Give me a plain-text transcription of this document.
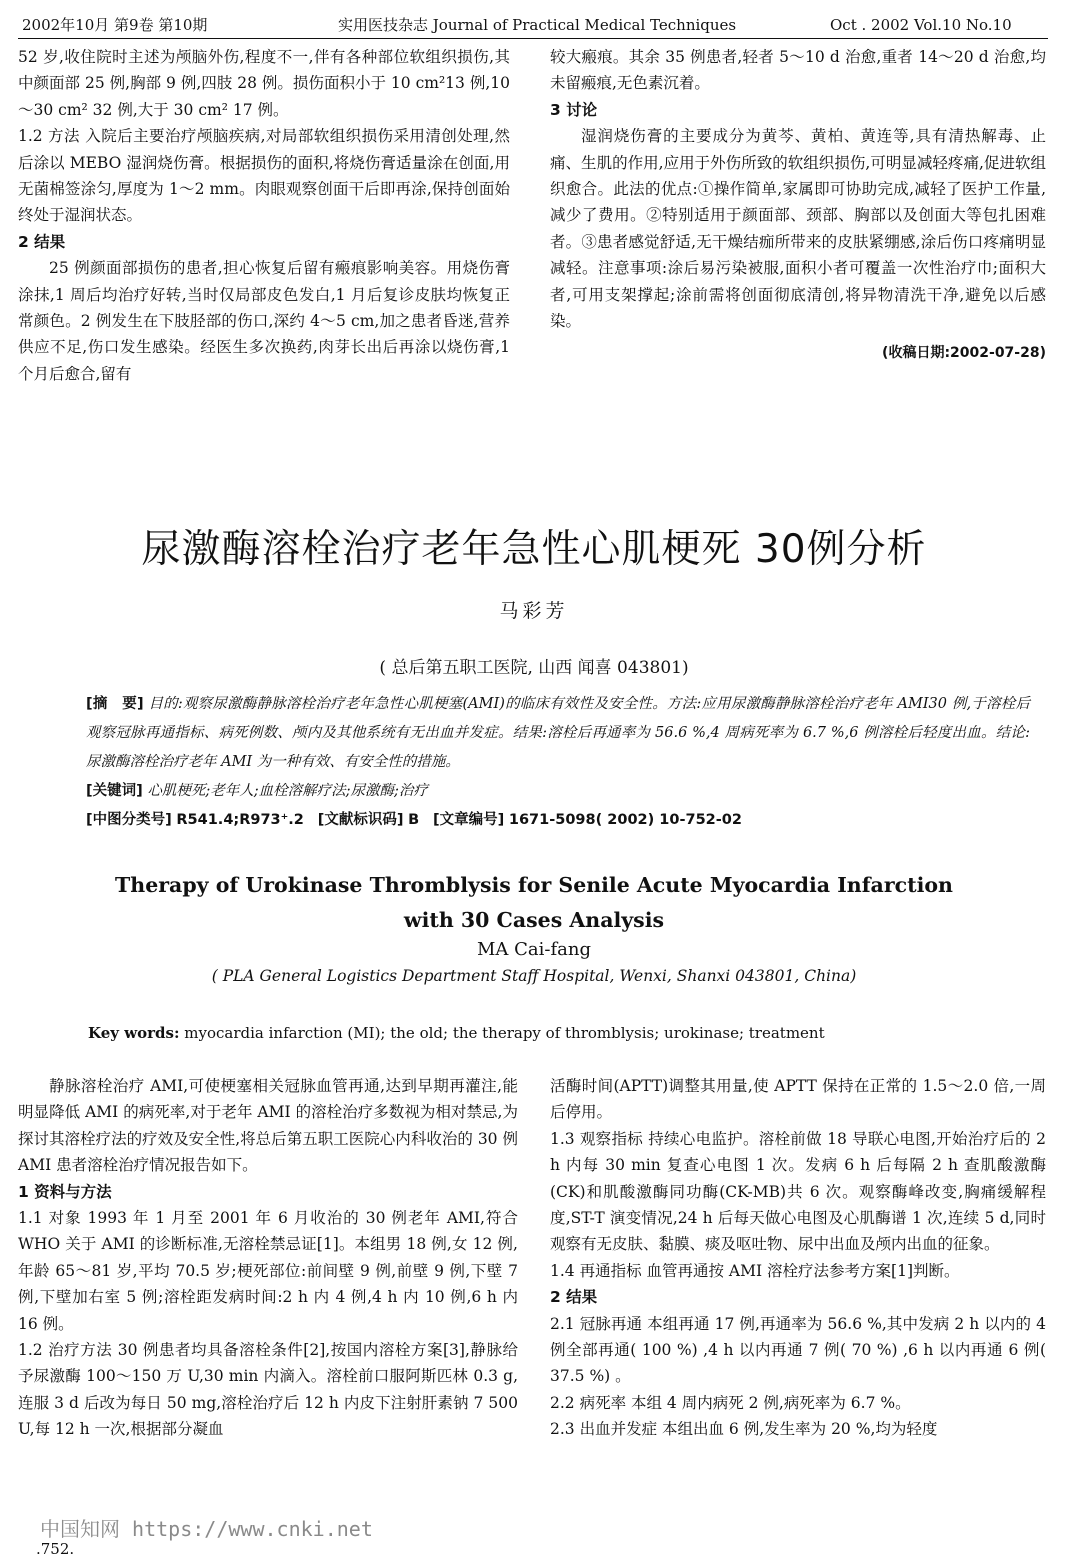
2002年10月 第9卷 第10期	实用医技杂志 Journal of Practical Medical Techniques	Oct . 2002 Vol.10 No.10

52 岁,收住院时主述为颅脑外伤,程度不一,伴有各种部位软组织损伤,其中颜面部 25 例,胸部 9 例,四肢 28 例。损伤面积小于 10 cm²13 例,10～30 cm² 32 例,大于 30 cm² 17 例。

1.2 方法 入院后主要治疗颅脑疾病,对局部软组织损伤采用清创处理,然后涂以 MEBO 湿润烧伤膏。根据损伤的面积,将烧伤膏适量涂在创面,用无菌棉签涂匀,厚度为 1～2 mm。肉眼观察创面干后即再涂,保持创面始终处于湿润状态。

2 结果

25 例颜面部损伤的患者,担心恢复后留有瘢痕影响美容。用烧伤膏涂抹,1 周后均治疗好转,当时仅局部皮色发白,1 月后复诊皮肤均恢复正常颜色。2 例发生在下肢胫部的伤口,深约 4～5 cm,加之患者昏迷,营养供应不足,伤口发生感染。经医生多次换药,肉芽长出后再涂以烧伤膏,1 个月后愈合,留有

较大瘢痕。其余 35 例患者,轻者 5～10 d 治愈,重者 14～20 d 治愈,均未留瘢痕,无色素沉着。

3 讨论

湿润烧伤膏的主要成分为黄芩、黄柏、黄连等,具有清热解毒、止痛、生肌的作用,应用于外伤所致的软组织损伤,可明显减轻疼痛,促进软组织愈合。此法的优点:①操作简单,家属即可协助完成,减轻了医护工作量,减少了费用。②特别适用于颜面部、颈部、胸部以及创面大等包扎困难者。③患者感觉舒适,无干燥结痂所带来的皮肤紧绷感,涂后伤口疼痛明显减轻。注意事项:涂后易污染被服,面积小者可覆盖一次性治疗巾;面积大者,可用支架撑起;涂前需将创面彻底清创,将异物清洗干净,避免以后感染。

(收稿日期:2002-07-28)

尿激酶溶栓治疗老年急性心肌梗死 30例分析
马彩芳
( 总后第五职工医院, 山西 闻喜 043801)

[摘　要] 目的:观察尿激酶静脉溶栓治疗老年急性心肌梗塞(AMI)的临床有效性及安全性。方法:应用尿激酶静脉溶栓治疗老年 AMI30 例,于溶栓后观察冠脉再通指标、病死例数、颅内及其他系统有无出血并发症。结果:溶栓后再通率为 56.6 %,4 周病死率为 6.7 %,6 例溶栓后轻度出血。结论:尿激酶溶栓治疗老年 AMI 为一种有效、有安全性的措施。

[关键词] 心肌梗死;老年人;血栓溶解疗法;尿激酶;治疗

[中图分类号] R541.4;R973⁺.2 [文献标识码] B [文章编号] 1671-5098( 2002) 10-752-02

Therapy of Urokinase Thromblysis for Senile Acute Myocardia Infarction
with 30 Cases Analysis
MA Cai-fang
( PLA General Logistics Department Staff Hospital, Wenxi, Shanxi 043801, China)
Key words: myocardia infarction (MI); the old; the therapy of thromblysis; urokinase; treatment

静脉溶栓治疗 AMI,可使梗塞相关冠脉血管再通,达到早期再灌注,能明显降低 AMI 的病死率,对于老年 AMI 的溶栓治疗多数视为相对禁忌,为探讨其溶栓疗法的疗效及安全性,将总后第五职工医院心内科收治的 30 例 AMI 患者溶栓治疗情况报告如下。

1 资料与方法

1.1 对象 1993 年 1 月至 2001 年 6 月收治的 30 例老年 AMI,符合 WHO 关于 AMI 的诊断标准,无溶栓禁忌证[1]。本组男 18 例,女 12 例,年龄 65～81 岁,平均 70.5 岁;梗死部位:前间壁 9 例,前壁 9 例,下壁 7 例,下壁加右室 5 例;溶栓距发病时间:2 h 内 4 例,4 h 内 10 例,6 h 内 16 例。

1.2 治疗方法 30 例患者均具备溶栓条件[2],按国内溶栓方案[3],静脉给予尿激酶 100～150 万 U,30 min 内滴入。溶栓前口服阿斯匹林 0.3 g,连服 3 d 后改为每日 50 mg,溶栓治疗后 12 h 内皮下注射肝素钠 7 500 U,每 12 h 一次,根据部分凝血

活酶时间(APTT)调整其用量,使 APTT 保持在正常的 1.5～2.0 倍,一周后停用。

1.3 观察指标 持续心电监护。溶栓前做 18 导联心电图,开始治疗后的 2 h 内每 30 min 复查心电图 1 次。发病 6 h 后每隔 2 h 查肌酸激酶(CK)和肌酸激酶同功酶(CK-MB)共 6 次。观察酶峰改变,胸痛缓解程度,ST-T 演变情况,24 h 后每天做心电图及心肌酶谱 1 次,连续 5 d,同时观察有无皮肤、黏膜、痰及呕吐物、尿中出血及颅内出血的征象。

1.4 再通指标 血管再通按 AMI 溶栓疗法参考方案[1]判断。

2 结果

2.1 冠脉再通 本组再通 17 例,再通率为 56.6 %,其中发病 2 h 以内的 4 例全部再通( 100 %) ,4 h 以内再通 7 例( 70 %) ,6 h 以内再通 6 例( 37.5 %) 。

2.2 病死率 本组 4 周内病死 2 例,病死率为 6.7 %。

2.3 出血并发症 本组出血 6 例,发生率为 20 %,均为轻度

中国知网 https://www.cnki.net
.752.
